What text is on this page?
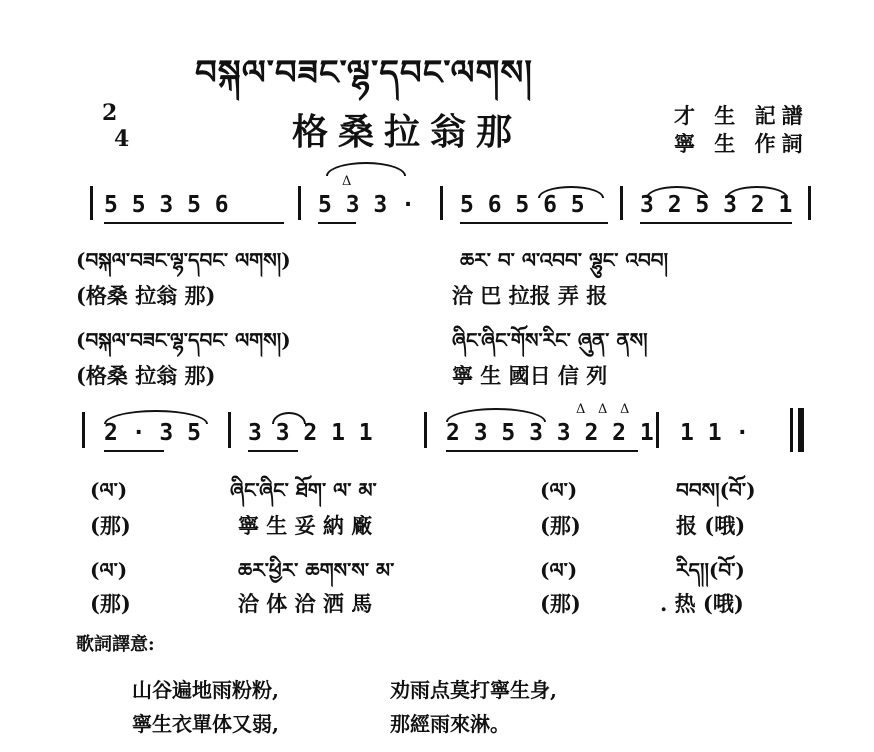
བསྐལ་བཟང་ལྷ་དབང་ལགས།
2
4	格桑拉翁那	才 生 記譜
寧 生 作詞
5 5 3 5 6
Δ
5 3 3 · 5 6 5 6 5 3 2 5 3 2 1
(བསྐལ་བཟང་ལྷ་དབང་ ལགས།)	ཆར་ བ་ ལ་འབབ་ ལྷུང་ འབབ།
(格桑 拉翁 那)	洽 巴 拉报 弄 报
(བསྐལ་བཟང་ལྷ་དབང་ ལགས།)	ཞིང་ཞིང་གོས་རིང་ ཞུན་ ནས།
(格桑 拉翁 那)	寧 生 國日 信 列
2 · 3 5 3 3 2 1 1
Δ Δ Δ
2 3 5 3 3 2 2 1 1 1 ·
(ལ་)	ཞིང་ཞིང་ ཐོག་ ལ་ མ་	(ལ་)	བབས།(བོ་)
(那)	寧 生 妥 納 廠	(那)	报 (哦)
(ལ་)	ཆར་ཕྱིར་ ཆགས་ས་ མ་	(ལ་)	རིད།།(བོ་)
(那)	洽 体 洽 洒 馬	(那)	. 热 (哦)
歌詞譯意:
山谷遍地雨粉粉,	劝雨点莫打寧生身,
寧生衣單体又弱,	那經雨來淋。
